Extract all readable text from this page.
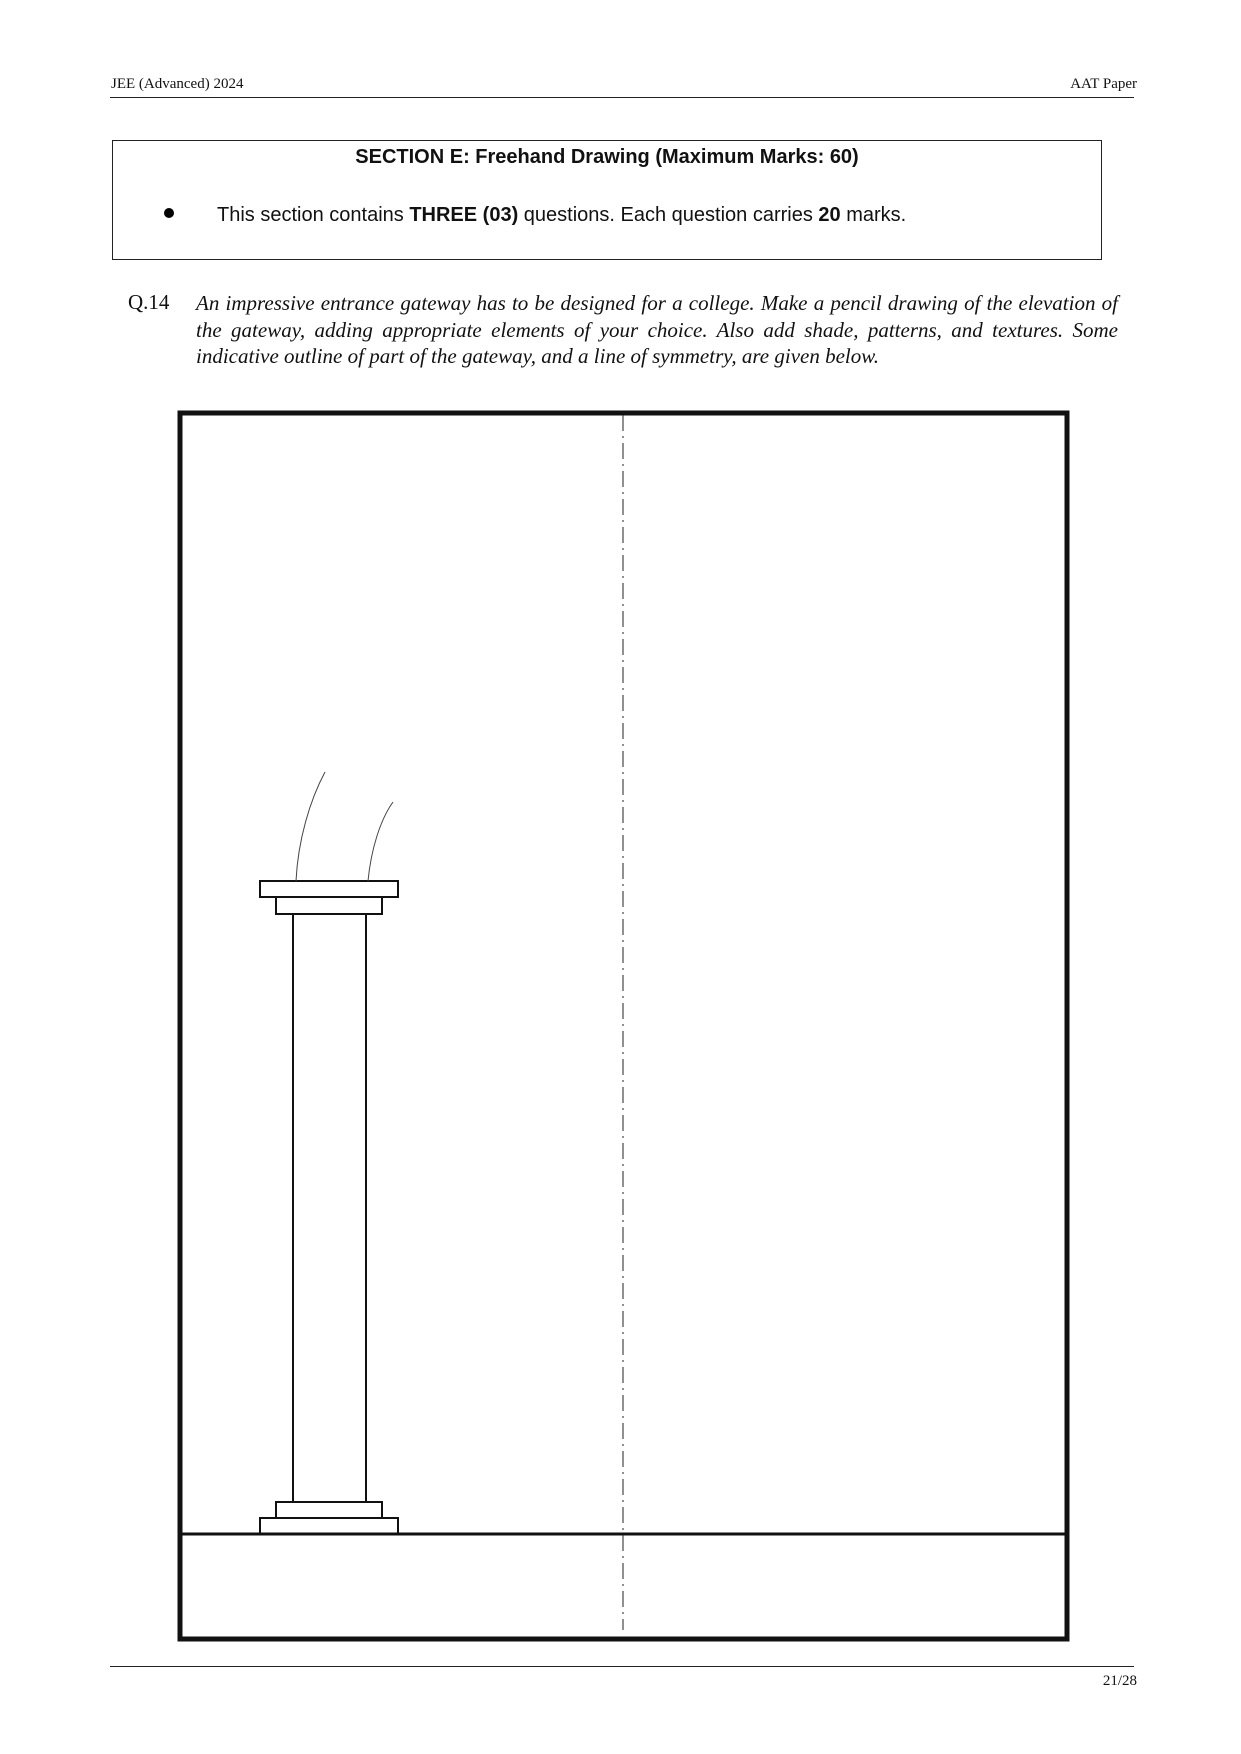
JEE (Advanced) 2024	AAT Paper
SECTION E: Freehand Drawing (Maximum Marks: 60)
This section contains THREE (03) questions. Each question carries 20 marks.
Q.14 An impressive entrance gateway has to be designed for a college. Make a pencil drawing of the elevation of the gateway, adding appropriate elements of your choice. Also add shade, patterns, and textures. Some indicative outline of part of the gateway, and a line of symmetry, are given below.
21/28
